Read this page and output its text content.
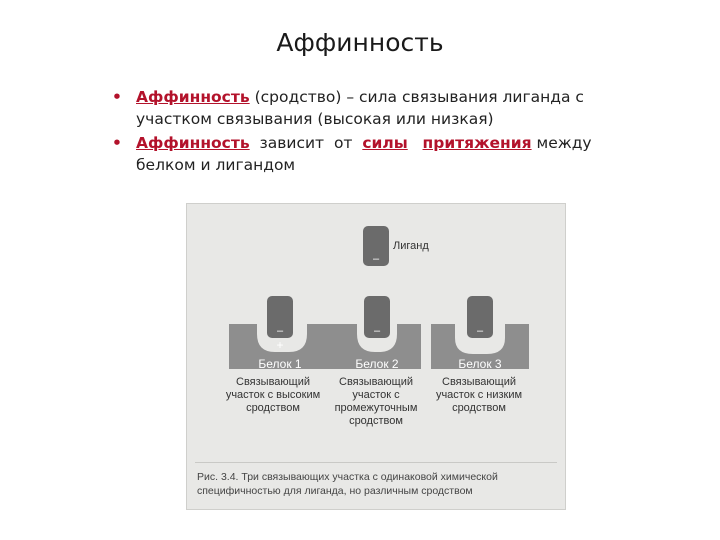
Аффинность
• Аффинность (сродство) – сила связывания лиганда с участком связывания (высокая или низкая)
• Аффинность  зависит  от  силы притяжения между белком и лигандом
–
–
+
–	–
Лиганд
Белок 1	Белок 2	Белок 3
Связывающий участок с высоким сродством
Связывающий участок с промежуточным сродством
Связывающий участок с низким сродством
Рис. 3.4. Три связывающих участка с одинаковой химической специфичностью для лиганда, но различным сродством
